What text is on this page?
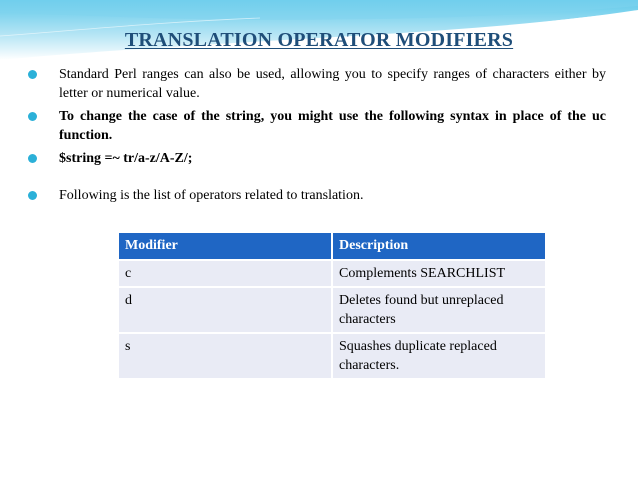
TRANSLATION OPERATOR MODIFIERS
Standard Perl ranges can also be used, allowing you to specify ranges of characters either by letter or numerical value.
To change the case of the string, you might use the following syntax in place of the uc function.
$string =~ tr/a-z/A-Z/;
Following is the list of operators related to translation.
Modifier	Description
c	Complements SEARCHLIST
d	Deletes found but unreplaced characters
s	Squashes duplicate replaced characters.
